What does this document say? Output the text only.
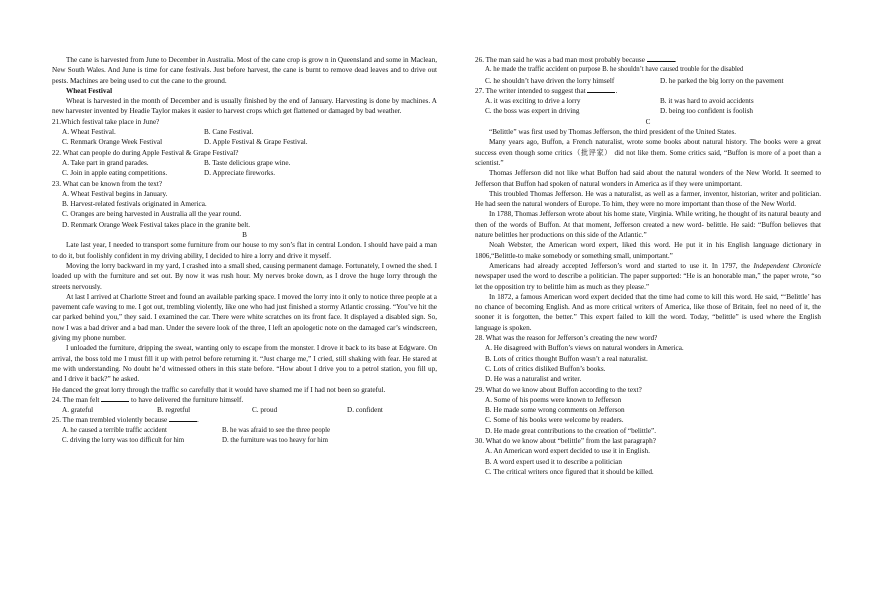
The cane is harvested from June to December in Australia. Most of the cane crop is grow n in Queensland and some in Maclean, New South Wales. And June is time for cane festivals. Just before harvest, the cane is burnt to remove dead leaves and to drive out pests. Machines are being used to cut the cane to the ground.

Wheat Festival

Wheat is harvested in the month of December and is usually finished by the end of January. Harvesting is done by machines. A new harvester invented by Headie Taylor makes it easier to harvest crops which get flattened or damaged by bad weather.

21.Which festival take place in June?

A. Wheat Festival.	B. Cane Festival.

C. Renmark Orange Week Festival	D. Apple Festival & Grape Festival.

22. What can people do during Apple Festival & Grape Festival?

A. Take part in grand parades.	B. Taste delicious grape wine.

C. Join in apple eating competitions.	D. Appreciate fireworks.

23. What can be known from the text?

A. Wheat Festival begins in January.

B. Harvest-related festivals originated in America.

C. Oranges are being harvested in Australia all the year round.

D. Renmark Orange Week Festival takes place in the granite belt.

B

Late last year, I needed to transport some furniture from our house to my son’s flat in central London. I should have paid a man to do it, but foolishly confident in my driving ability, I decided to hire a lorry and drive it myself.

Moving the lorry backward in my yard, I crashed into a small shed, causing permanent damage. Fortunately, I owned the shed. I loaded up with the furniture and set out. By now it was rush hour. My nerves broke down, as I drove the huge lorry through the streets nervously.

At last I arrived at Charlotte Street and found an available parking space. I moved the lorry into it only to notice three people at a pavement cafe waving to me. I got out, trembling violently, like one who had just finished a stormy Atlantic crossing. “You’ve hit the car parked behind you,” they said. I examined the car. There were white scratches on its front face. It displayed a disabled sign. So, now I was a bad driver and a bad man. Under the severe look of the three, I left an apologetic note on the damaged car’s windscreen, giving my phone number.

I unloaded the furniture, dripping the sweat, wanting only to escape from the monster. I drove it back to its base at Edgware. On arrival, the boss told me I must fill it up with petrol before returning it. “Just charge me,” I cried, still shaking with fear. He stared at me with understanding. No doubt he’d witnessed others in this state before. “How about I drive you to a petrol station, you fill up, and I drive it back?” he asked.

He danced the great lorry through the traffic so carefully that it would have shamed me if I had not been so grateful.

24. The man felt	to have delivered the furniture himself.

A. grateful	B. regretful	C. proud	D. confident

25. The man trembled violently because	.

A. he caused a terrible traffic accident	B. he was afraid to see the three people

C. driving the lorry was too difficult for him	D. the furniture was too heavy for him

26. The man said he was a bad man most probably because	.

A. he made the traffic accident on purpose B. he shouldn’t have caused trouble for the disabled

C. he shouldn’t have driven the lorry himself	D. he parked the big lorry on the pavement

27. The writer intended to suggest that	.

A. it was exciting to drive a lorry	B. it was hard to avoid accidents

C. the boss was expert in driving	D. being too confident is foolish

C

“Belittle” was first used by Thomas Jefferson, the third president of the United States.

Many years ago, Buffon, a French naturalist, wrote some books about natural history. The books were a great success even though some critics（批评家） did not like them. Some critics said, “Buffon is more of a poet than a scientist.”

Thomas Jefferson did not like what Buffon had said about the natural wonders of the New World. It seemed to Jefferson that Buffon had spoken of natural wonders in America as if they were unimportant.

This troubled Thomas Jefferson. He was a naturalist, as well as a farmer, inventor, historian, writer and politician. He had seen the natural wonders of Europe. To him, they were no more important than those of the New World.

In 1788, Thomas Jefferson wrote about his home state, Virginia. While writing, he thought of its natural beauty and then of the words of Buffon. At that moment, Jefferson created a new word- belittle. He said: “Buffon believes that nature belittles her productions on this side of the Atlantic.”

Noah Webster, the American word expert, liked this word. He put it in his English language dictionary in 1806,“Belittle-to make somebody or something small, unimportant.”

Americans had already accepted Jefferson’s word and started to use it. In 1797, the Independent Chronicle newspaper used the word to describe a politician. The paper supported: “He is an honorable man,” the paper wrote, “so let the opposition try to belittle him as much as they please.”

In 1872, a famous American word expert decided that the time had come to kill this word. He said, “‘Belittle’ has no chance of becoming English. And as more critical writers of America, like those of Britain, feel no need of it, the sooner it is forgotten, the better.” This expert failed to kill the word. Today, “belittle” is used where the English language is spoken.

28. What was the reason for Jefferson’s creating the new word?

A. He disagreed with Buffon’s views on natural wonders in America.

B. Lots of critics thought Buffon wasn’t a real naturalist.

C. Lots of critics disliked Buffon’s books.

D. He was a naturalist and writer.

29. What do we know about Buffon according to the text?

A. Some of his poems were known to Jefferson

B. He made some wrong comments on Jefferson

C. Some of his books were welcome by readers.

D. He made great contributions to the creation of “belittle”.

30. What do we know about “belittle” from the last paragraph?

A. An American word expert decided to use it in English.

B. A word expert used it to describe a politician

C. The critical writers once figured that it should be killed.
